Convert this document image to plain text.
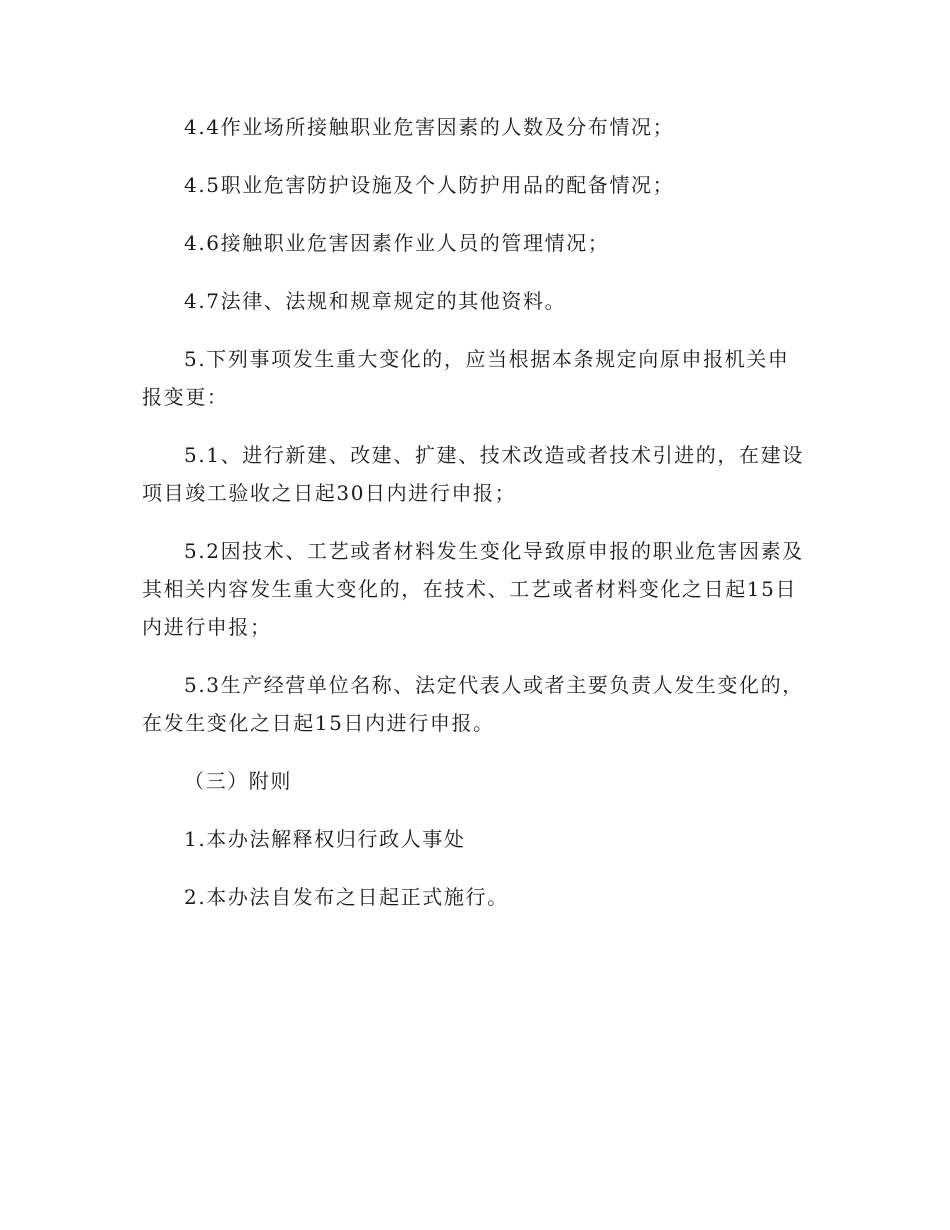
4.4作业场所接触职业危害因素的人数及分布情况；

4.5职业危害防护设施及个人防护用品的配备情况；

4.6接触职业危害因素作业人员的管理情况；

4.7法律、法规和规章规定的其他资料。

5.下列事项发生重大变化的，应当根据本条规定向原申报机关申报变更：

5.1、进行新建、改建、扩建、技术改造或者技术引进的，在建设项目竣工验收之日起30日内进行申报；

5.2因技术、工艺或者材料发生变化导致原申报的职业危害因素及其相关内容发生重大变化的，在技术、工艺或者材料变化之日起15日内进行申报；

5.3生产经营单位名称、法定代表人或者主要负责人发生变化的，在发生变化之日起15日内进行申报。

（三）附则

1.本办法解释权归行政人事处

2.本办法自发布之日起正式施行。
